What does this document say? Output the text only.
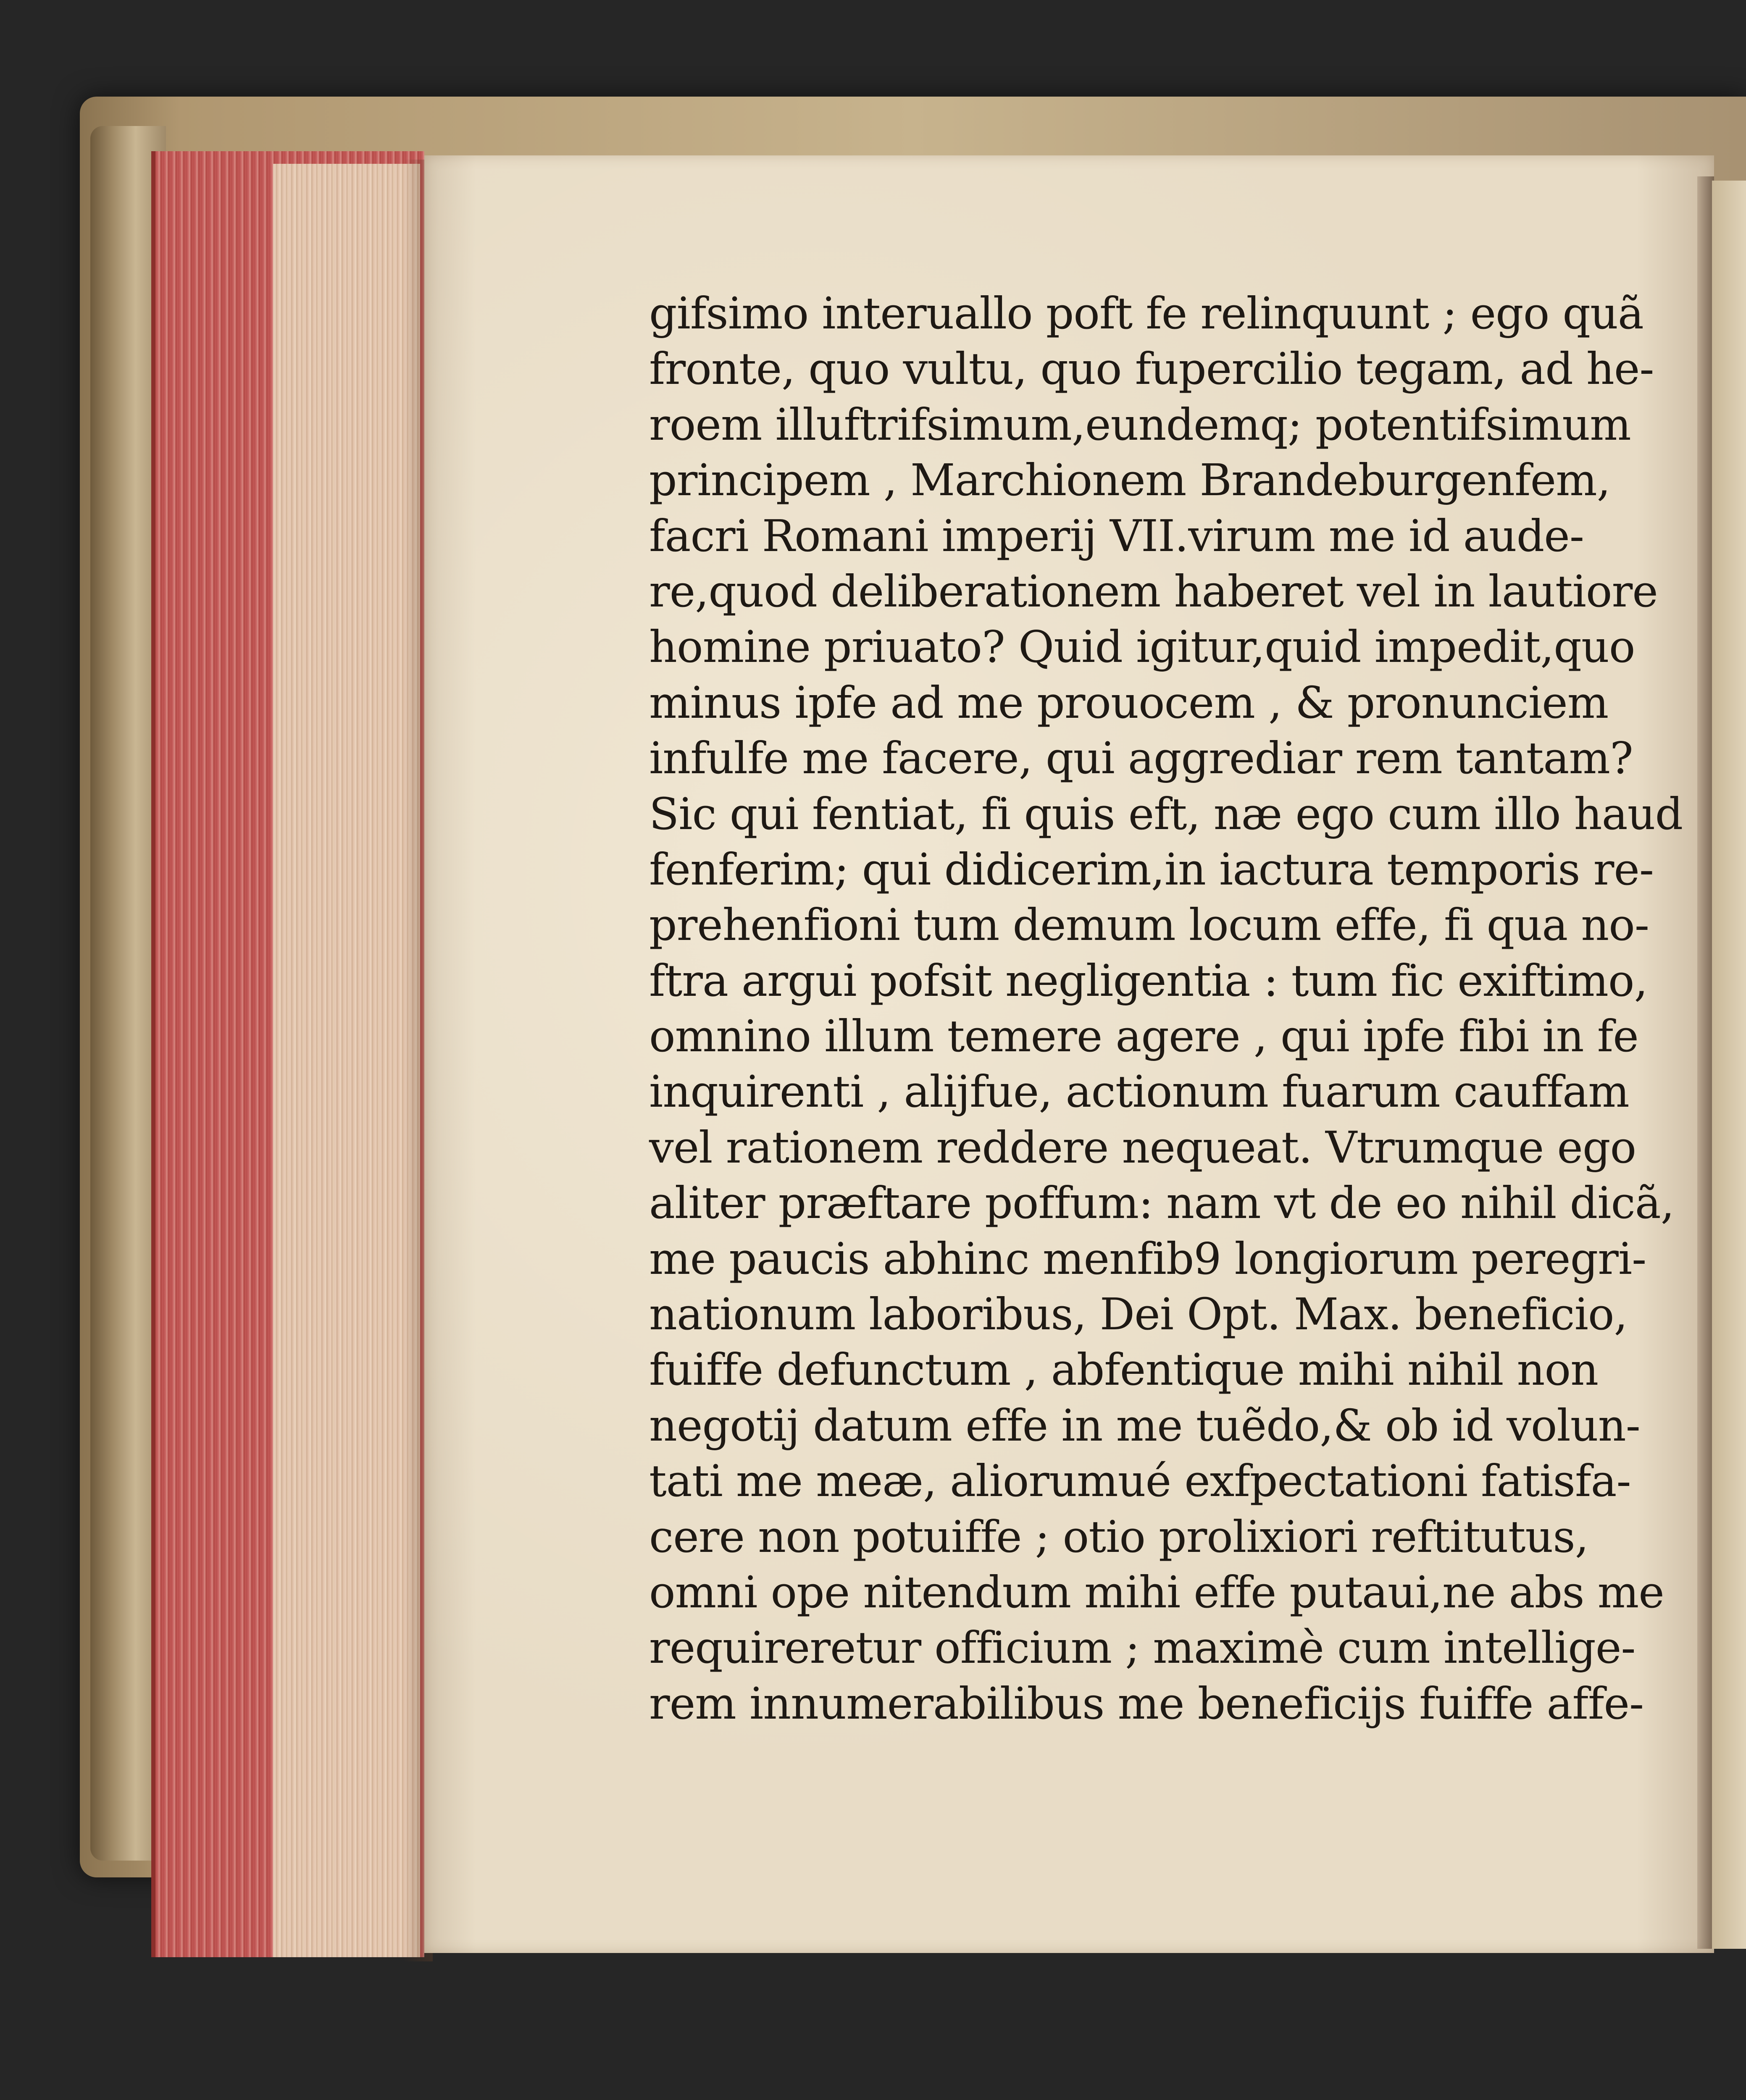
gifsimo interuallo poft fe relinquunt ; ego quã
fronte, quo vultu, quo fupercilio tegam, ad he-
roem illuftrifsimum,eundemq; potentifsimum
principem , Marchionem Brandeburgenfem,
facri Romani imperij VII.virum me id aude-
re,quod deliberationem haberet vel in lautiore
homine priuato? Quid igitur,quid impedit,quo
minus ipfe ad me prouocem , & pronunciem
infulfe me facere, qui aggrediar rem tantam?
Sic qui fentiat, fi quis eft, næ ego cum illo haud
fenferim; qui didicerim,in iactura temporis re-
prehenfioni tum demum locum effe, fi qua no-
ftra argui pofsit negligentia : tum fic exiftimo,
omnino illum temere agere , qui ipfe fibi in fe
inquirenti , alijfue, actionum fuarum cauffam
vel rationem reddere nequeat. Vtrumque ego
aliter præftare poffum: nam vt de eo nihil dicã,
me paucis abhinc menfib9 longiorum peregri-
nationum laboribus, Dei Opt. Max. beneficio,
fuiffe defunctum , abfentique mihi nihil non
negotij datum effe in me tuẽdo,& ob id volun-
tati me meæ, aliorumué exfpectationi fatisfa-
cere non potuiffe ; otio prolixiori reftitutus,
omni ope nitendum mihi effe putaui,ne abs me
requireretur officium ; maximè cum intellige-
rem innumerabilibus me beneficijs fuiffe affe-
